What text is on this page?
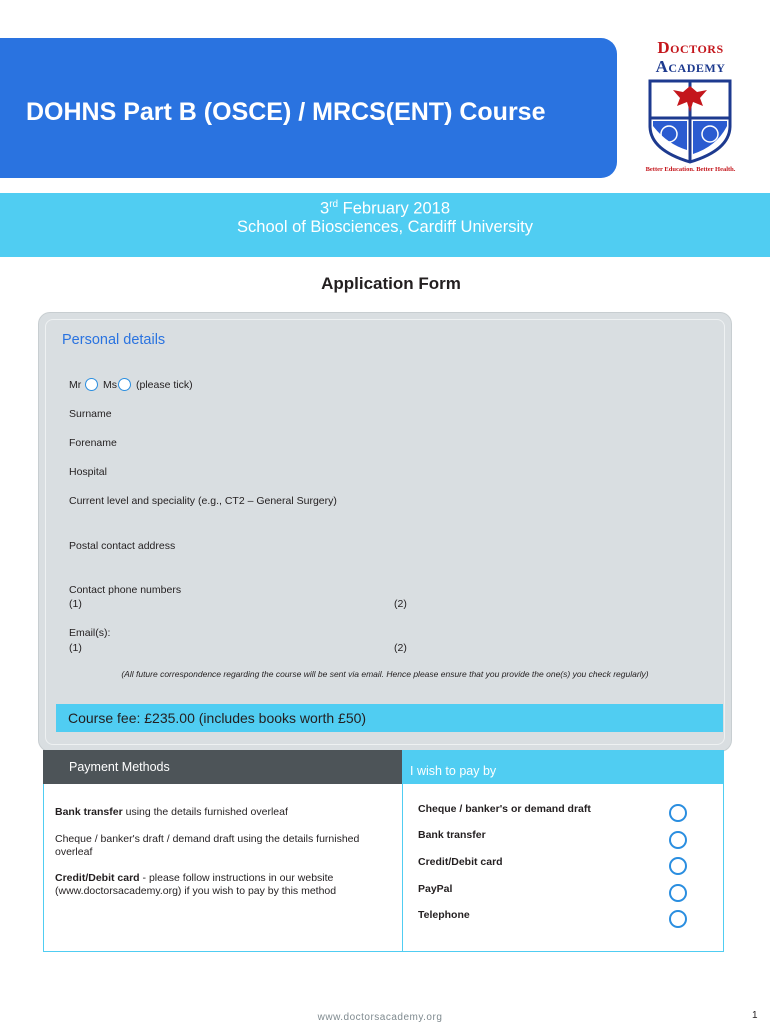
DOHNS Part B (OSCE) / MRCS(ENT) Course
Doctors
Academy
Better Education. Better Health.
3rd February 2018
School of Biosciences, Cardiff University
Application Form
Personal details
Mr Ms (please tick)
Surname
Forename
Hospital
Current level and speciality (e.g., CT2 – General Surgery)
Postal contact address
Contact phone numbers
(1)	(2)
Email(s):
(1)	(2)
(All future correspondence regarding the course will be sent via email. Hence please ensure that you provide the one(s) you check regularly)
Course fee: £235.00 (includes books worth £50)
Payment Methods
Bank transfer using the details furnished overleaf
Cheque / banker's draft / demand draft using the details furnished overleaf
Credit/Debit card - please follow instructions in our website (www.doctorsacademy.org) if you wish to pay by this method
I wish to pay by
Cheque / banker's or demand draft
Bank transfer
Credit/Debit card
PayPal
Telephone
www.doctorsacademy.org	1
